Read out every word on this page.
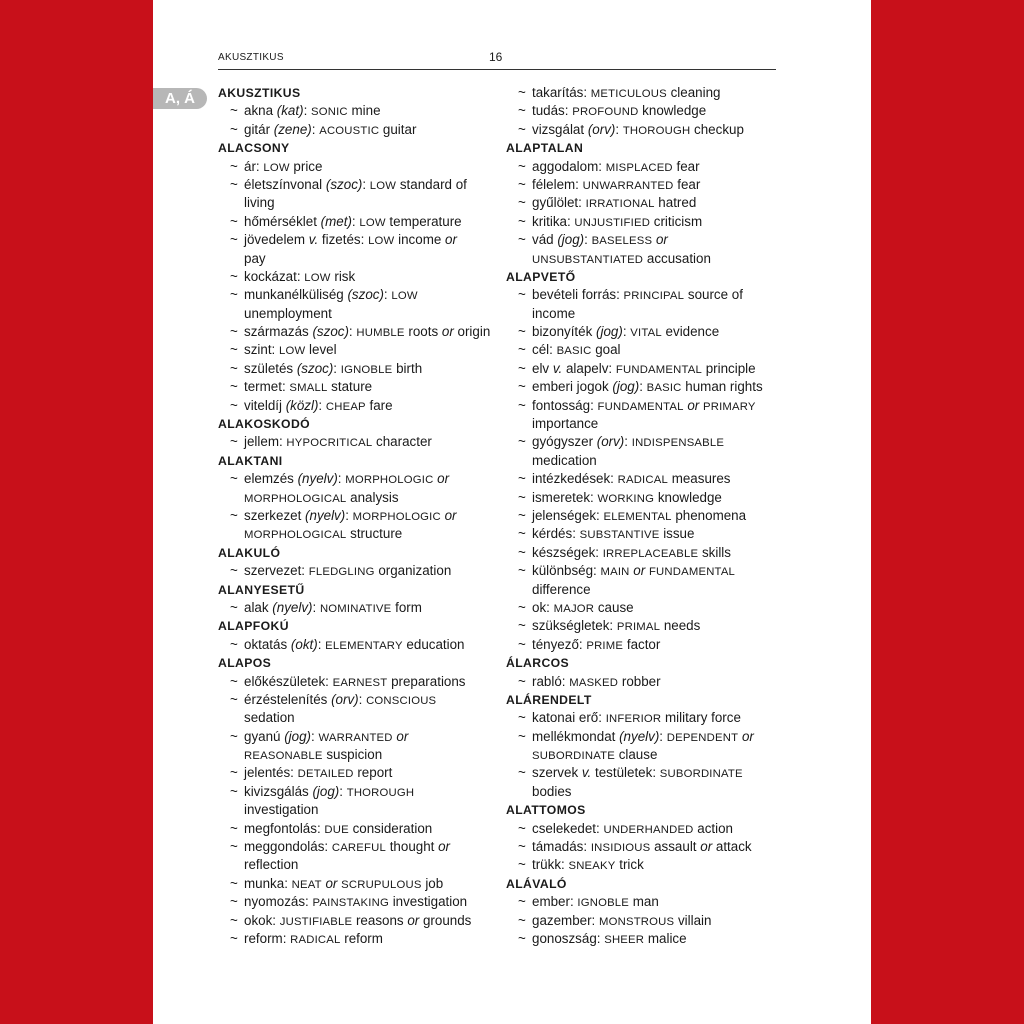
AKUSZTIKUS	16
A, Á	AKUSZTIKUS
~ akna (kat): SONIC mine
~ gitár (zene): ACOUSTIC guitar
ALACSONY
~ ár: LOW price
~ életszínvonal (szoc): LOW standard of
living
~ hőmérséklet (met): LOW temperature
~ jövedelem v. fizetés: LOW income or
pay
~ kockázat: LOW risk
~ munkanélküliség (szoc): LOW
unemployment
~ származás (szoc): HUMBLE roots or origin
~ szint: LOW level
~ születés (szoc): IGNOBLE birth
~ termet: SMALL stature
~ viteldíj (közl): CHEAP fare
ALAKOSKODÓ
~ jellem: HYPOCRITICAL character
ALAKTANI
~ elemzés (nyelv): MORPHOLOGIC or
MORPHOLOGICAL analysis
~ szerkezet (nyelv): MORPHOLOGIC or
MORPHOLOGICAL structure
ALAKULÓ
~ szervezet: FLEDGLING organization
ALANYESETŰ
~ alak (nyelv): NOMINATIVE form
ALAPFOKÚ
~ oktatás (okt): ELEMENTARY education
ALAPOS
~ előkészületek: EARNEST preparations
~ érzéstelenítés (orv): CONSCIOUS
sedation
~ gyanú (jog): WARRANTED or
REASONABLE suspicion
~ jelentés: DETAILED report
~ kivizsgálás (jog): THOROUGH
investigation
~ megfontolás: DUE consideration
~ meggondolás: CAREFUL thought or
reflection
~ munka: NEAT or SCRUPULOUS job
~ nyomozás: PAINSTAKING investigation
~ okok: JUSTIFIABLE reasons or grounds
~ reform: RADICAL reform
~ takarítás: METICULOUS cleaning
~ tudás: PROFOUND knowledge
~ vizsgálat (orv): THOROUGH checkup
ALAPTALAN
~ aggodalom: MISPLACED fear
~ félelem: UNWARRANTED fear
~ gyűlölet: IRRATIONAL hatred
~ kritika: UNJUSTIFIED criticism
~ vád (jog): BASELESS or
UNSUBSTANTIATED accusation
ALAPVETŐ
~ bevételi forrás: PRINCIPAL source of
income
~ bizonyíték (jog): VITAL evidence
~ cél: BASIC goal
~ elv v. alapelv: FUNDAMENTAL principle
~ emberi jogok (jog): BASIC human rights
~ fontosság: FUNDAMENTAL or PRIMARY
importance
~ gyógyszer (orv): INDISPENSABLE
medication
~ intézkedések: RADICAL measures
~ ismeretek: WORKING knowledge
~ jelenségek: ELEMENTAL phenomena
~ kérdés: SUBSTANTIVE issue
~ készségek: IRREPLACEABLE skills
~ különbség: MAIN or FUNDAMENTAL
difference
~ ok: MAJOR cause
~ szükségletek: PRIMAL needs
~ tényező: PRIME factor
ÁLARCOS
~ rabló: MASKED robber
ALÁRENDELT
~ katonai erő: INFERIOR military force
~ mellékmondat (nyelv): DEPENDENT or
SUBORDINATE clause
~ szervek v. testületek: SUBORDINATE
bodies
ALATTOMOS
~ cselekedet: UNDERHANDED action
~ támadás: INSIDIOUS assault or attack
~ trükk: SNEAKY trick
ALÁVALÓ
~ ember: IGNOBLE man
~ gazember: MONSTROUS villain
~ gonoszság: SHEER malice
